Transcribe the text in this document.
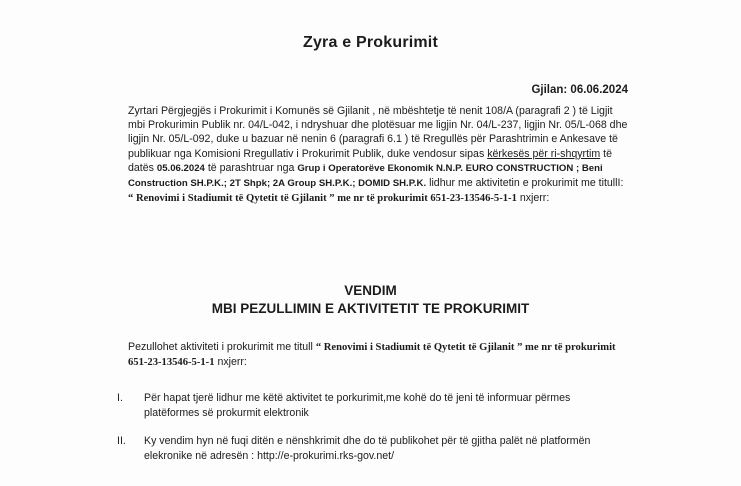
Zyra e Prokurimit
Gjilan: 06.06.2024
Zyrtari Përgjegjës i Prokurimit i Komunës së Gjilanit , në mbështetje të nenit 108/A (paragrafi 2 ) të Ligjit mbi Prokurimin Publik nr. 04/L-042, i ndryshuar dhe plotësuar me ligjin Nr. 04/L-237, ligjin Nr. 05/L-068 dhe ligjin Nr. 05/L-092, duke u bazuar në nenin 6 (paragrafi 6.1 ) të Rregullës për Parashtrimin e Ankesave të publikuar nga Komisioni Rregullativ i Prokurimit Publik, duke vendosur sipas kërkesës për ri-shqyrtim të datës 05.06.2024 të parashtruar nga Grup i Operatorëve Ekonomik N.N.P. EURO CONSTRUCTION ; Beni Construction SH.P.K.; 2T Shpk; 2A Group SH.P.K.; DOMID SH.P.K. lidhur me aktivitetin e prokurimit me titullI: “ Renovimi i Stadiumit të Qytetit të Gjilanit ” me nr të prokurimit 651-23-13546-5-1-1 nxjerr:
VENDIM
MBI PEZULLIMIN E AKTIVITETIT TE PROKURIMIT
Pezullohet aktiviteti i prokurimit me titull “ Renovimi i Stadiumit të Qytetit të Gjilanit ” me nr të prokurimit 651-23-13546-5-1-1 nxjerr:
I.	Për hapat tjerë lidhur me këtë aktivitet te porkurimit,me kohë do të jeni të informuar përmes platëformes së prokurmit elektronik
II.	Ky vendim hyn në fuqi ditën e nënshkrimit dhe do të publikohet për të gjitha palët në platformën elekronike në adresën : http://e-prokurimi.rks-gov.net/
